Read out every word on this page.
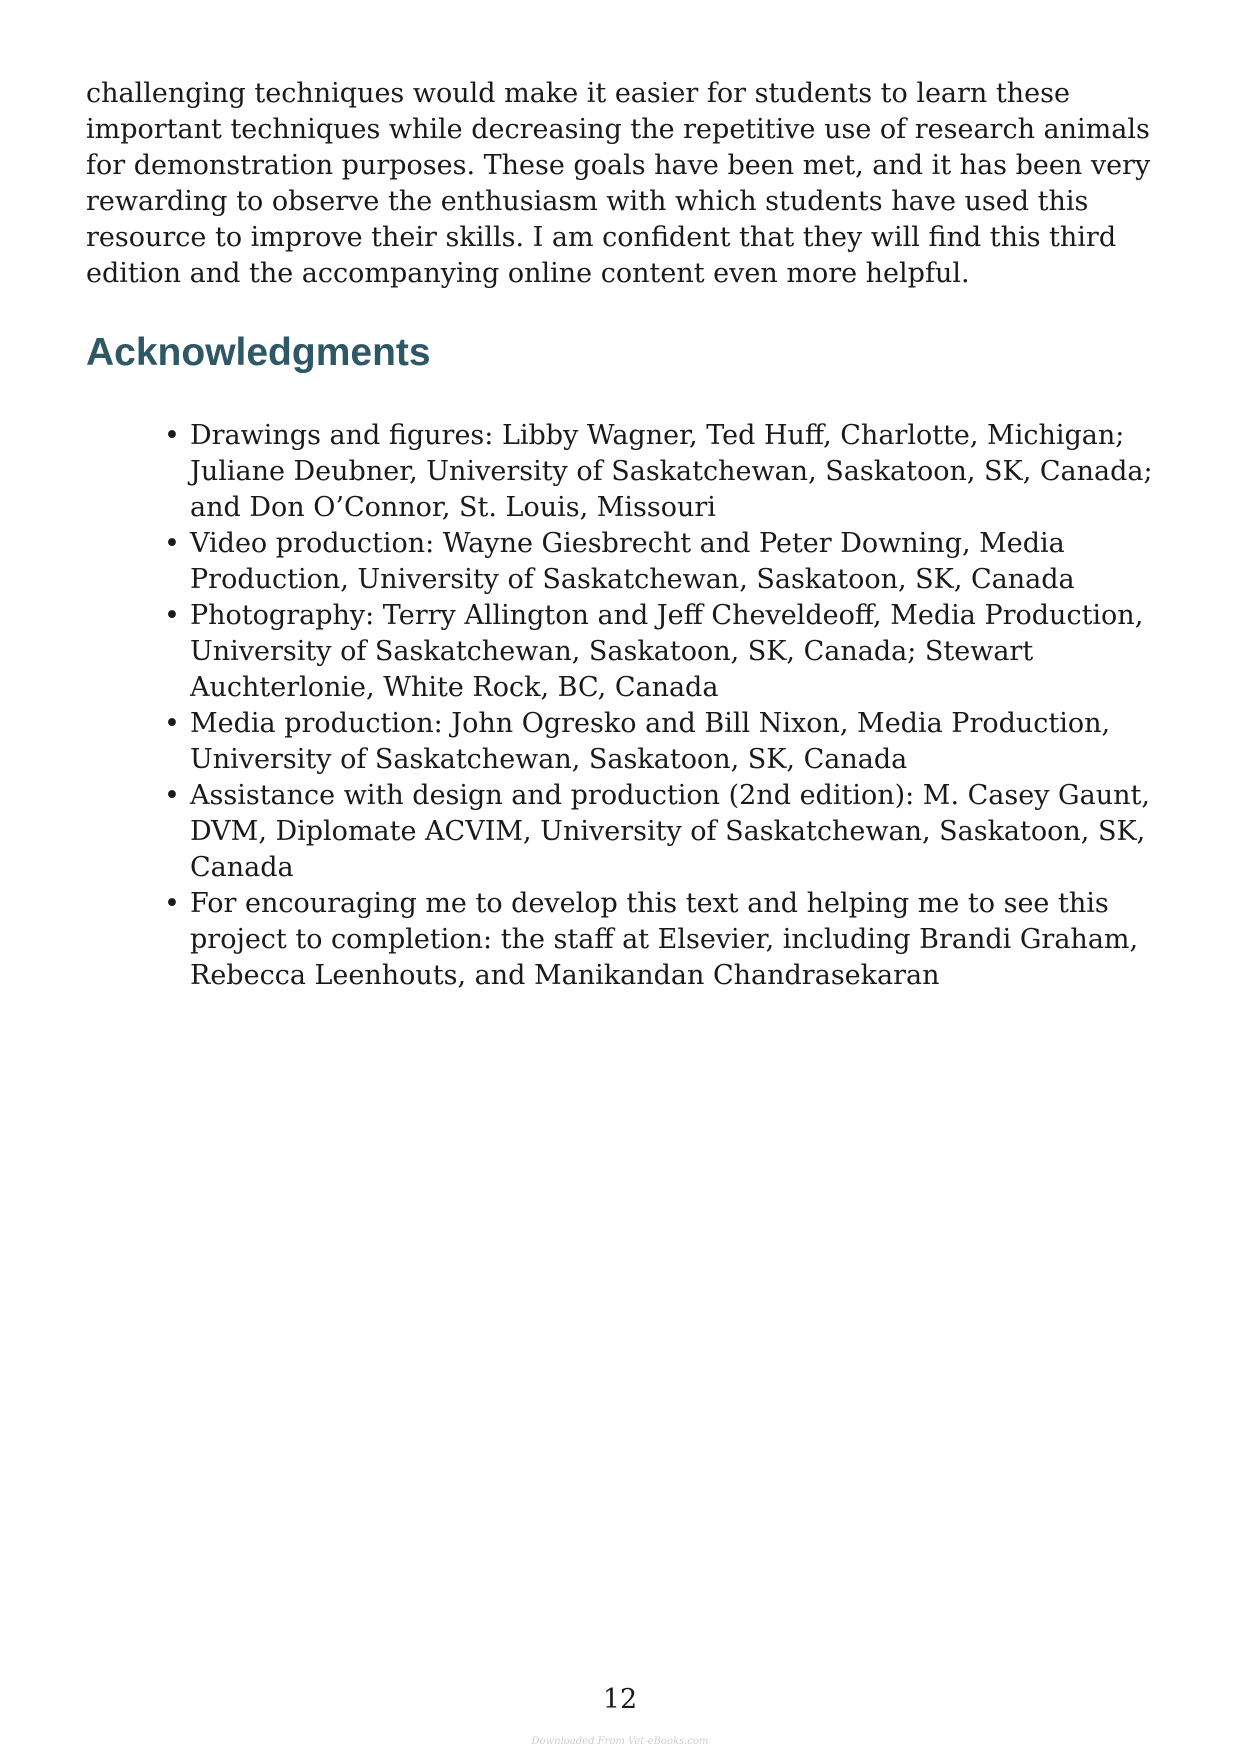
challenging techniques would make it easier for students to learn these important techniques while decreasing the repetitive use of research animals for demonstration purposes. These goals have been met, and it has been very rewarding to observe the enthusiasm with which students have used this resource to improve their skills. I am confident that they will find this third edition and the accompanying online content even more helpful.

Acknowledgments
• Drawings and figures: Libby Wagner, Ted Huff, Charlotte, Michigan; Juliane Deubner, University of Saskatchewan, Saskatoon, SK, Canada; and Don O’Connor, St. Louis, Missouri
• Video production: Wayne Giesbrecht and Peter Downing, Media Production, University of Saskatchewan, Saskatoon, SK, Canada
• Photography: Terry Allington and Jeff Cheveldeoff, Media Production, University of Saskatchewan, Saskatoon, SK, Canada; Stewart Auchterlonie, White Rock, BC, Canada
• Media production: John Ogresko and Bill Nixon, Media Production, University of Saskatchewan, Saskatoon, SK, Canada
• Assistance with design and production (2nd edition): M. Casey Gaunt, DVM, Diplomate ACVIM, University of Saskatchewan, Saskatoon, SK, Canada
• For encouraging me to develop this text and helping me to see this project to completion: the staff at Elsevier, including Brandi Graham, Rebecca Leenhouts, and Manikandan Chandrasekaran
12
Downloaded From Vet-eBooks.com
